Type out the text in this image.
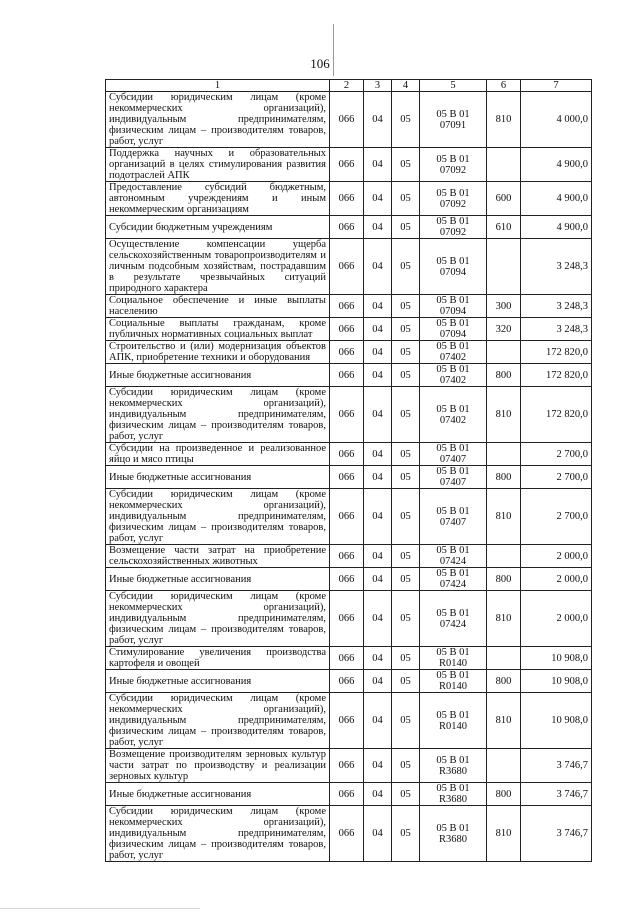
106
1	2	3	4	5	6	7
Субсидии юридическим лицам (кроме некоммерческих организаций), индивидуальным предпринимателям, физическим лицам – производителям товаров, работ, услуг	066	04	05	05 В 01 07091	810	4 000,0
Поддержка научных и образовательных организаций в целях стимулирования развития подотраслей АПК	066	04	05	05 В 01 07092		4 900,0
Предоставление субсидий бюджетным, автономным учреждениям и иным некоммерческим организациям	066	04	05	05 В 01 07092	600	4 900,0
Субсидии бюджетным учреждениям	066	04	05	05 В 01 07092	610	4 900,0
Осуществление компенсации ущерба сельскохозяйственным товаропроизводителям и личным подсобным хозяйствам, пострадавшим в результате чрезвычайных ситуаций природного характера	066	04	05	05 В 01 07094		3 248,3
Социальное обеспечение и иные выплаты населению	066	04	05	05 В 01 07094	300	3 248,3
Социальные выплаты гражданам, кроме публичных нормативных социальных выплат	066	04	05	05 В 01 07094	320	3 248,3
Строительство и (или) модернизация объектов АПК, приобретение техники и оборудования	066	04	05	05 В 01 07402		172 820,0
Иные бюджетные ассигнования	066	04	05	05 В 01 07402	800	172 820,0
Субсидии юридическим лицам (кроме некоммерческих организаций), индивидуальным предпринимателям, физическим лицам – производителям товаров, работ, услуг	066	04	05	05 В 01 07402	810	172 820,0
Субсидии на произведенное и реализованное яйцо и мясо птицы	066	04	05	05 В 01 07407		2 700,0
Иные бюджетные ассигнования	066	04	05	05 В 01 07407	800	2 700,0
Субсидии юридическим лицам (кроме некоммерческих организаций), индивидуальным предпринимателям, физическим лицам – производителям товаров, работ, услуг	066	04	05	05 В 01 07407	810	2 700,0
Возмещение части затрат на приобретение сельскохозяйственных животных	066	04	05	05 В 01 07424		2 000,0
Иные бюджетные ассигнования	066	04	05	05 В 01 07424	800	2 000,0
Субсидии юридическим лицам (кроме некоммерческих организаций), индивидуальным предпринимателям, физическим лицам – производителям товаров, работ, услуг	066	04	05	05 В 01 07424	810	2 000,0
Стимулирование увеличения производства картофеля и овощей	066	04	05	05 В 01 R0140		10 908,0
Иные бюджетные ассигнования	066	04	05	05 В 01 R0140	800	10 908,0
Субсидии юридическим лицам (кроме некоммерческих организаций), индивидуальным предпринимателям, физическим лицам – производителям товаров, работ, услуг	066	04	05	05 В 01 R0140	810	10 908,0
Возмещение производителям зерновых культур части затрат по производству и реализации зерновых культур	066	04	05	05 В 01 R3680		3 746,7
Иные бюджетные ассигнования	066	04	05	05 В 01 R3680	800	3 746,7
Субсидии юридическим лицам (кроме некоммерческих организаций), индивидуальным предпринимателям, физическим лицам – производителям товаров, работ, услуг	066	04	05	05 В 01 R3680	810	3 746,7
